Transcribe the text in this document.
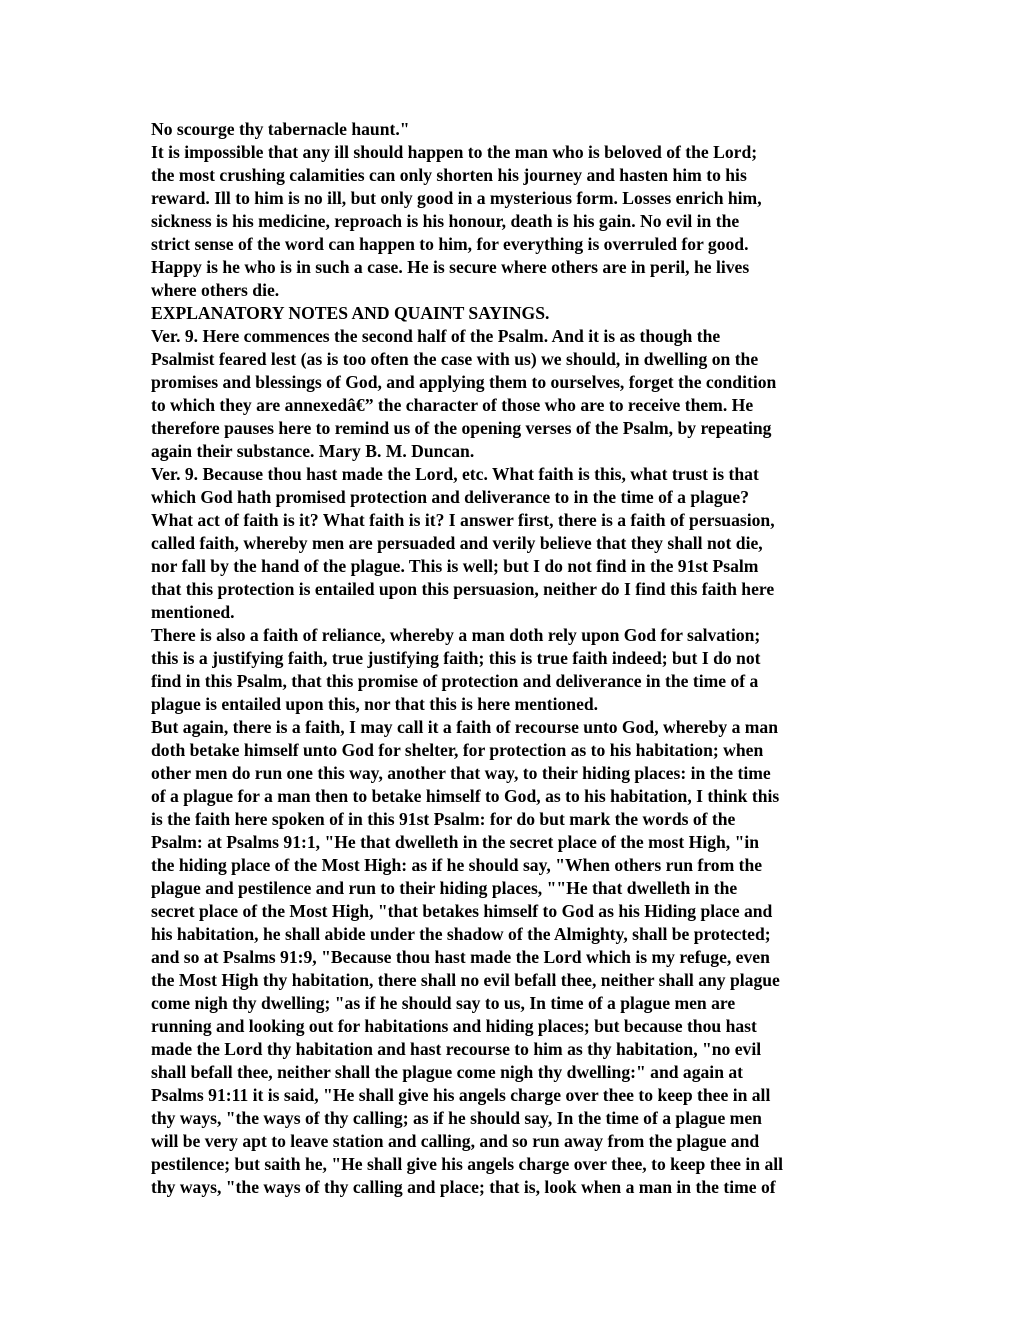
No scourge thy tabernacle haunt."
It is impossible that any ill should happen to the man who is beloved of the Lord;
the most crushing calamities can only shorten his journey and hasten him to his
reward. Ill to him is no ill, but only good in a mysterious form. Losses enrich him,
sickness is his medicine, reproach is his honour, death is his gain. No evil in the
strict sense of the word can happen to him, for everything is overruled for good.
Happy is he who is in such a case. He is secure where others are in peril, he lives
where others die.
EXPLANATORY NOTES AND QUAINT SAYINGS.
Ver. 9. Here commences the second half of the Psalm. And it is as though the
Psalmist feared lest (as is too often the case with us) we should, in dwelling on the
promises and blessings of God, and applying them to ourselves, forget the condition
to which they are annexedâ€” the character of those who are to receive them. He
therefore pauses here to remind us of the opening verses of the Psalm, by repeating
again their substance. Mary B. M. Duncan.
Ver. 9. Because thou hast made the Lord, etc. What faith is this, what trust is that
which God hath promised protection and deliverance to in the time of a plague?
What act of faith is it? What faith is it? I answer first, there is a faith of persuasion,
called faith, whereby men are persuaded and verily believe that they shall not die,
nor fall by the hand of the plague. This is well; but I do not find in the 91st Psalm
that this protection is entailed upon this persuasion, neither do I find this faith here
mentioned.
There is also a faith of reliance, whereby a man doth rely upon God for salvation;
this is a justifying faith, true justifying faith; this is true faith indeed; but I do not
find in this Psalm, that this promise of protection and deliverance in the time of a
plague is entailed upon this, nor that this is here mentioned.
But again, there is a faith, I may call it a faith of recourse unto God, whereby a man
doth betake himself unto God for shelter, for protection as to his habitation; when
other men do run one this way, another that way, to their hiding places: in the time
of a plague for a man then to betake himself to God, as to his habitation, I think this
is the faith here spoken of in this 91st Psalm: for do but mark the words of the
Psalm: at Psalms 91:1, "He that dwelleth in the secret place of the most High, "in
the hiding place of the Most High: as if he should say, "When others run from the
plague and pestilence and run to their hiding places, ""He that dwelleth in the
secret place of the Most High, "that betakes himself to God as his Hiding place and
his habitation, he shall abide under the shadow of the Almighty, shall be protected;
and so at Psalms 91:9, "Because thou hast made the Lord which is my refuge, even
the Most High thy habitation, there shall no evil befall thee, neither shall any plague
come nigh thy dwelling; "as if he should say to us, In time of a plague men are
running and looking out for habitations and hiding places; but because thou hast
made the Lord thy habitation and hast recourse to him as thy habitation, "no evil
shall befall thee, neither shall the plague come nigh thy dwelling:" and again at
Psalms 91:11 it is said, "He shall give his angels charge over thee to keep thee in all
thy ways, "the ways of thy calling; as if he should say, In the time of a plague men
will be very apt to leave station and calling, and so run away from the plague and
pestilence; but saith he, "He shall give his angels charge over thee, to keep thee in all
thy ways, "the ways of thy calling and place; that is, look when a man in the time of
